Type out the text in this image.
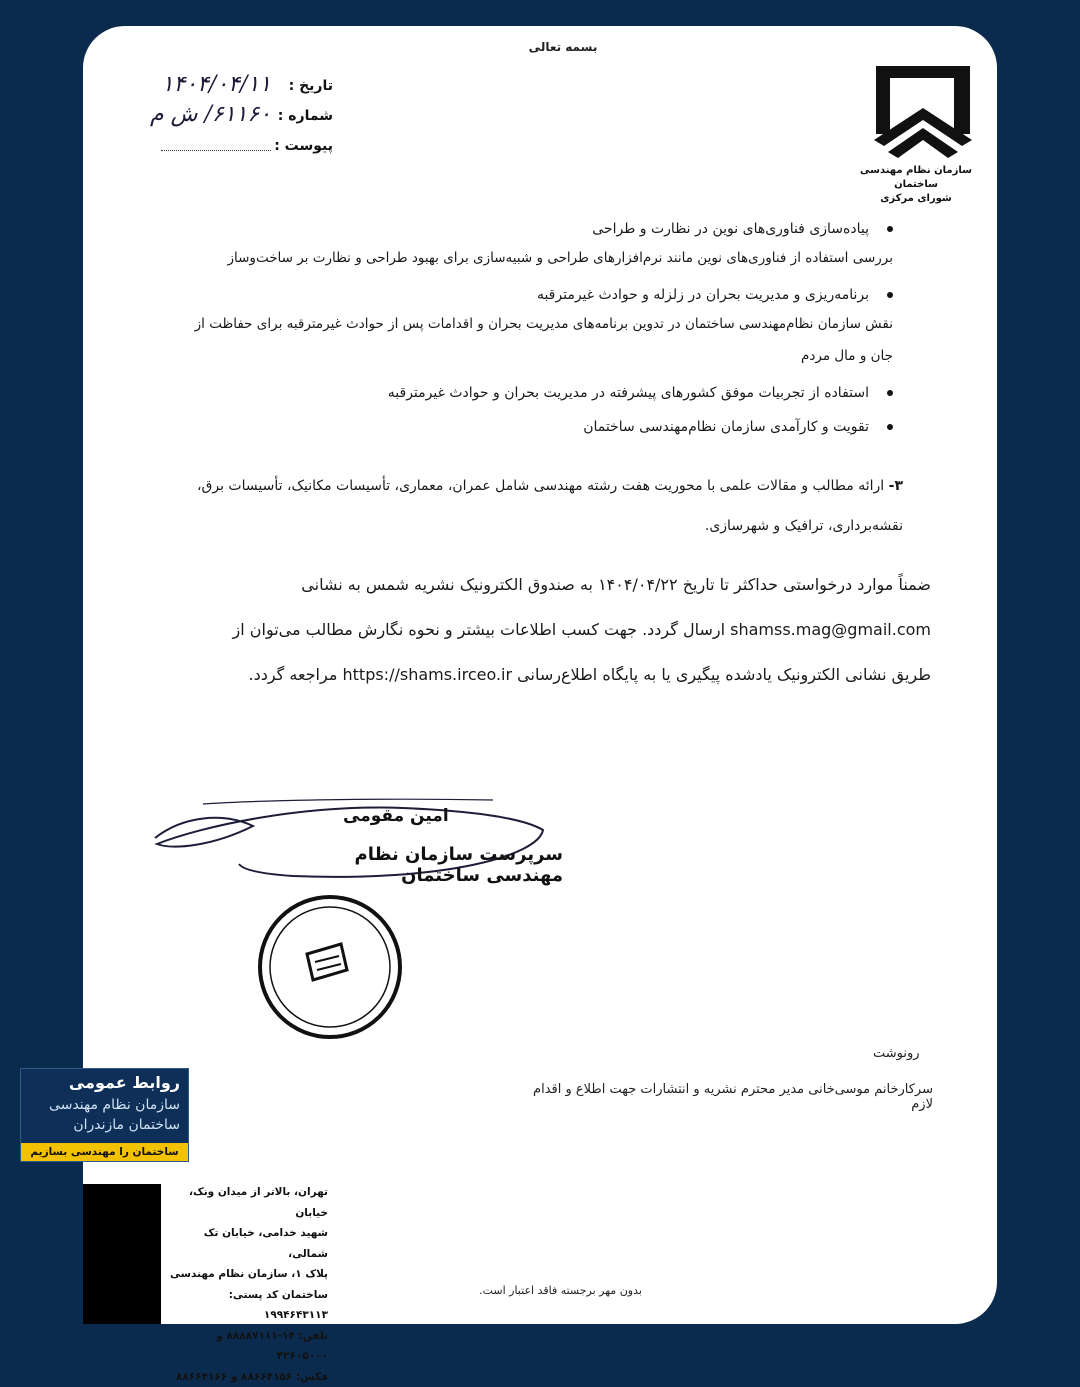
بسمه تعالی
سازمان نظام مهندسی ساختمان
شورای مرکزی
تاریخ :
۱۴۰۴/۰۴/۱۱
شماره :
۶۱۱۶۰/ ش م
پیوست :
پیاده‌سازی فناوری‌های نوین در نظارت و طراحی
بررسی استفاده از فناوری‌های نوین مانند نرم‌افزارهای طراحی و شبیه‌سازی برای بهبود طراحی و نظارت بر ساخت‌وساز
برنامه‌ریزی و مدیریت بحران در زلزله و حوادث غیرمترقبه
نقش سازمان نظام‌مهندسی ساختمان در تدوین برنامه‌های مدیریت بحران و اقدامات پس از حوادث غیرمترقبه برای حفاظت از جان و مال مردم
استفاده از تجربیات موفق کشورهای پیشرفته در مدیریت بحران و حوادث غیرمترقبه
تقویت و کارآمدی سازمان نظام‌مهندسی ساختمان
۳- ارائه مطالب و مقالات علمی با محوریت هفت رشته مهندسی شامل عمران، معماری، تأسیسات مکانیک، تأسیسات برق، نقشه‌برداری، ترافیک و شهرسازی.
ضمناً موارد درخواستی حداکثر تا تاریخ ۱۴۰۴/۰۴/۲۲ به صندوق الکترونیک نشریه شمس به نشانی shamss.mag@gmail.com ارسال گردد. جهت کسب اطلاعات بیشتر و نحوه نگارش مطالب می‌توان از طریق نشانی الکترونیک یادشده پیگیری یا به پایگاه اطلاع‌رسانی https://shams.irceo.ir مراجعه گردد.
امین مقومی
سرپرست سازمان نظام مهندسی ساختمان
رونوشت
سرکارخانم موسی‌خانی مدیر محترم نشریه و انتشارات جهت اطلاع و اقدام لازم
تهران، بالاتر از میدان ونک، خیابان
شهید خدامی، خیابان تک شمالی،
پلاک ۱، سازمان نظام مهندسی
ساختمان کد پستی: ۱۹۹۴۶۴۳۱۱۳
تلفن: ۱۴-۸۸۸۸۷۱۱۱ و ۴۲۶۰۵۰۰۰
فکس: ۸۸۶۶۴۱۵۶ و ۸۸۶۶۴۱۶۶
بدون مهر برجسته فاقد اعتبار است.
روابط عمومی
سازمان نظام مهندسی
ساختمان مازندران
ساختمان را مهندسی بسازیم
